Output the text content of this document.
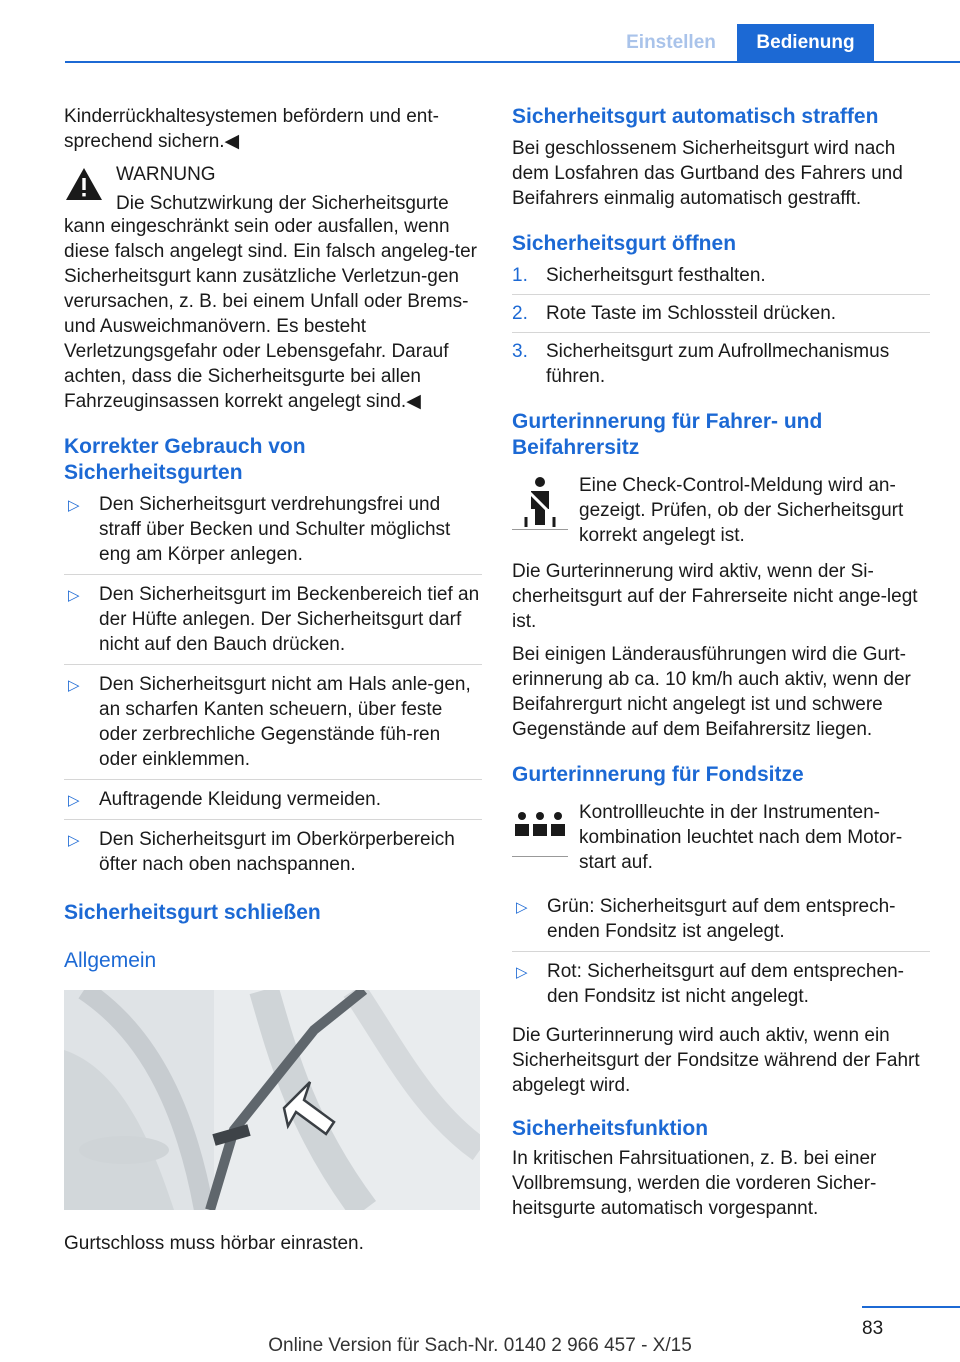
Einstellen	Bedienung

Kinderrückhaltesystemen befördern und ent‐sprechend sichern.◀

WARNUNG

Die Schutzwirkung der Sicherheitsgurte

kann eingeschränkt sein oder ausfallen, wenn diese falsch angelegt sind. Ein falsch angeleg‐ter Sicherheitsgurt kann zusätzliche Verletzun‐gen verursachen, z. B. bei einem Unfall oder Brems- und Ausweichmanövern. Es besteht Verletzungsgefahr oder Lebensgefahr. Darauf achten, dass die Sicherheitsgurte bei allen Fahrzeuginsassen korrekt angelegt sind.◀

Korrekter Gebrauch von Sicherheitsgurten
▷ Den Sicherheitsgurt verdrehungsfrei und straff über Becken und Schulter möglichst eng am Körper anlegen.
▷ Den Sicherheitsgurt im Beckenbereich tief an der Hüfte anlegen. Der Sicherheitsgurt darf nicht auf den Bauch drücken.
▷ Den Sicherheitsgurt nicht am Hals anle‐gen, an scharfen Kanten scheuern, über feste oder zerbrechliche Gegenstände füh‐ren oder einklemmen.
▷ Auftragende Kleidung vermeiden.
▷ Den Sicherheitsgurt im Oberkörperbereich öfter nach oben nachspannen.
Sicherheitsgurt schließen
Allgemein

Gurtschloss muss hörbar einrasten.

Sicherheitsgurt automatisch straffen

Bei geschlossenem Sicherheitsgurt wird nach dem Losfahren das Gurtband des Fahrers und Beifahrers einmalig automatisch gestrafft.

Sicherheitsgurt öffnen
1. Sicherheitsgurt festhalten.
2. Rote Taste im Schlossteil drücken.
3. Sicherheitsgurt zum Aufrollmechanismus führen.
Gurterinnerung für Fahrer- und Beifahrersitz

Eine Check-Control-Meldung wird an‐gezeigt. Prüfen, ob der Sicherheitsgurt korrekt angelegt ist.

Die Gurterinnerung wird aktiv, wenn der Si‐cherheitsgurt auf der Fahrerseite nicht ange‐legt ist.

Bei einigen Länderausführungen wird die Gurt‐erinnerung ab ca. 10 km/h auch aktiv, wenn der Beifahrergurt nicht angelegt ist und schwere Gegenstände auf dem Beifahrersitz liegen.

Gurterinnerung für Fondsitze

Kontrollleuchte in der Instrumenten‐kombination leuchtet nach dem Motor‐start auf.

▷ Grün: Sicherheitsgurt auf dem entsprech‐enden Fondsitz ist angelegt.
▷ Rot: Sicherheitsgurt auf dem entsprechen‐den Fondsitz ist nicht angelegt.

Die Gurterinnerung wird auch aktiv, wenn ein Sicherheitsgurt der Fondsitze während der Fahrt abgelegt wird.

Sicherheitsfunktion

In kritischen Fahrsituationen, z. B. bei einer Vollbremsung, werden die vorderen Sicher‐heitsgurte automatisch vorgespannt.

83
Online Version für Sach-Nr. 0140 2 966 457 - X/15
